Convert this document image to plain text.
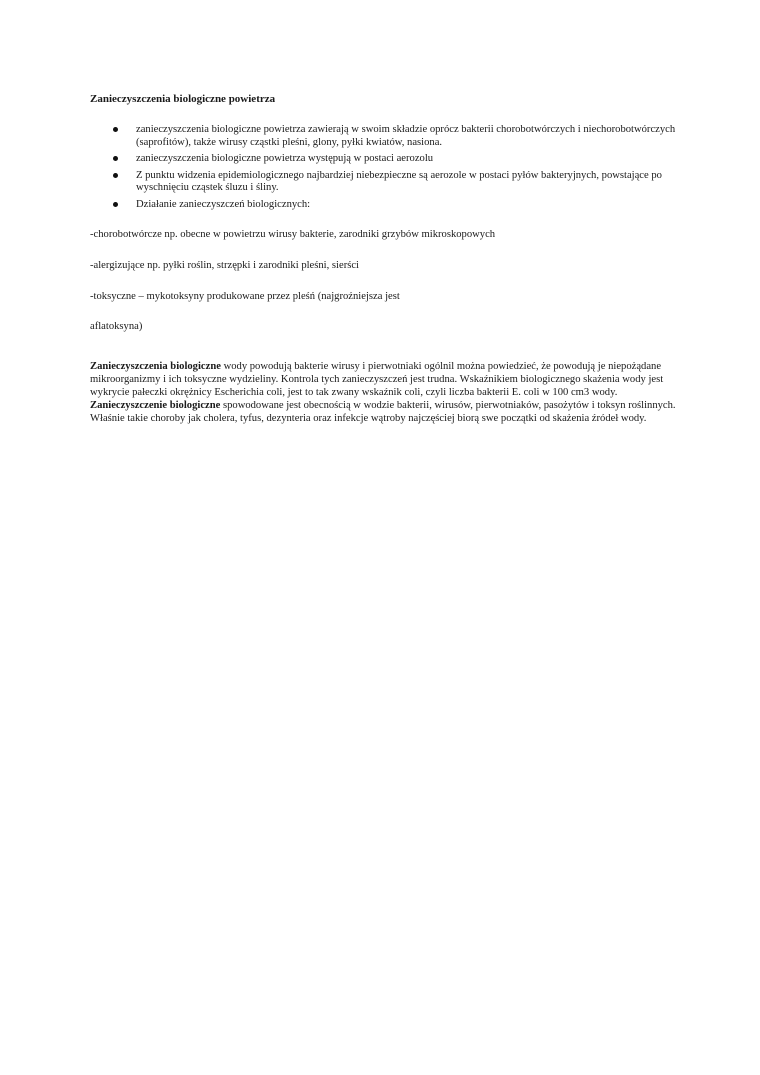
Zanieczyszczenia biologiczne powietrza
zanieczyszczenia biologiczne powietrza zawierają w swoim składzie oprócz bakterii chorobotwórczych i niechorobotwórczych (saprofitów), także wirusy cząstki pleśni, glony, pyłki kwiatów, nasiona.
zanieczyszczenia biologiczne powietrza występują w postaci aerozolu
Z punktu widzenia epidemiologicznego najbardziej niebezpieczne są aerozole w postaci pyłów bakteryjnych, powstające po wyschnięciu cząstek śluzu i śliny.
Działanie zanieczyszczeń biologicznych:
-chorobotwórcze np. obecne w powietrzu wirusy bakterie, zarodniki grzybów mikroskopowych
-alergizujące np. pyłki roślin, strzępki i zarodniki pleśni, sierści
-toksyczne – mykotoksyny produkowane przez pleśń (najgroźniejsza jest
aflatoksyna)

Zanieczyszczenia biologiczne wody powodują bakterie wirusy i pierwotniaki ogólnil można powiedzieć, że powodują je niepożądane mikroorganizmy i ich toksyczne wydzieliny. Kontrola tych zanieczyszczeń jest trudna. Wskaźnikiem biologicznego skażenia wody jest wykrycie pałeczki okrężnicy Escherichia coli, jest to tak zwany wskaźnik coli, czyli liczba bakterii E. coli w 100 cm3 wody.

Zanieczyszczenie biologiczne spowodowane jest obecnością w wodzie bakterii, wirusów, pierwotniaków, pasożytów i toksyn roślinnych. Właśnie takie choroby jak cholera, tyfus, dezynteria oraz infekcje wątroby najczęściej biorą swe początki od skażenia źródeł wody.
